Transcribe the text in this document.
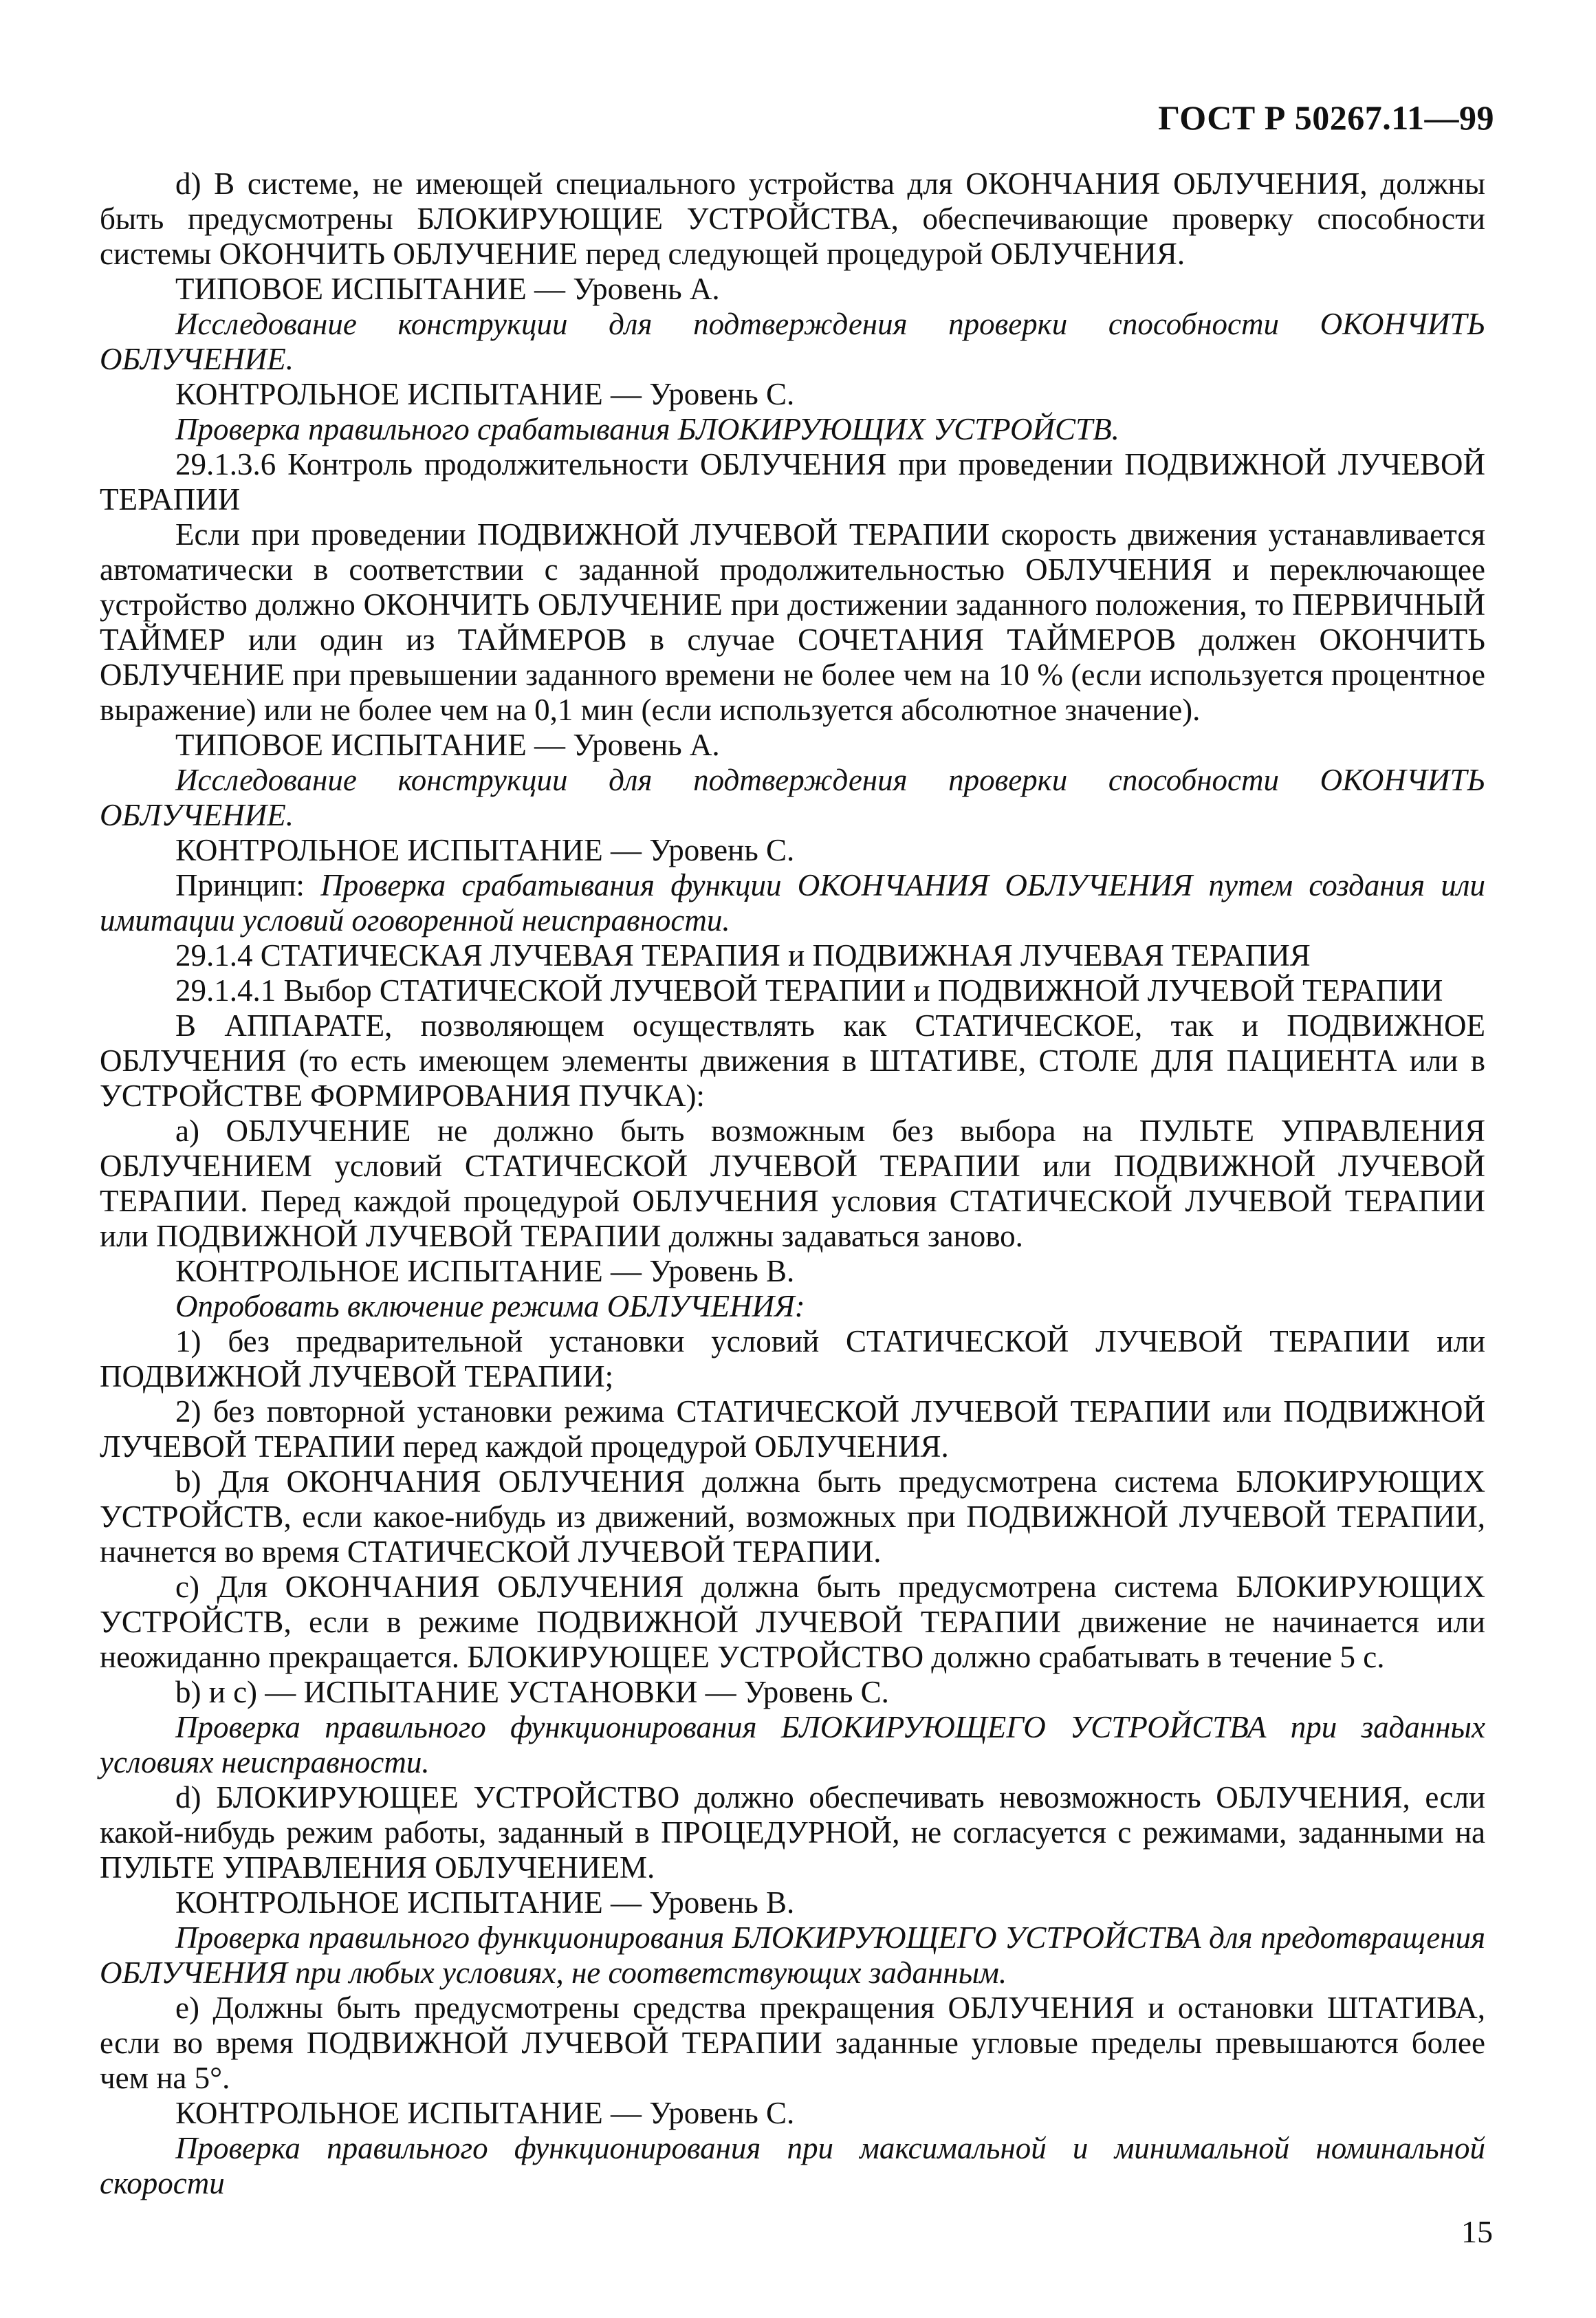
ГОСТ Р 50267.11—99

d) В системе, не имеющей специального устройства для ОКОНЧАНИЯ ОБЛУЧЕНИЯ, должны быть предусмотрены БЛОКИРУЮЩИЕ УСТРОЙСТВА, обеспечивающие проверку способности системы ОКОНЧИТЬ ОБЛУЧЕНИЕ перед следующей процедурой ОБЛУЧЕНИЯ.

ТИПОВОЕ ИСПЫТАНИЕ — Уровень А.

Исследование конструкции для подтверждения проверки способности ОКОНЧИТЬ ОБЛУЧЕНИЕ.

КОНТРОЛЬНОЕ ИСПЫТАНИЕ — Уровень С.

Проверка правильного срабатывания БЛОКИРУЮЩИХ УСТРОЙСТВ.

29.1.3.6 Контроль продолжительности ОБЛУЧЕНИЯ при проведении ПОДВИЖНОЙ ЛУЧЕВОЙ ТЕРАПИИ

Если при проведении ПОДВИЖНОЙ ЛУЧЕВОЙ ТЕРАПИИ скорость движения устанавливается автоматически в соответствии с заданной продолжительностью ОБЛУЧЕНИЯ и переключающее устройство должно ОКОНЧИТЬ ОБЛУЧЕНИЕ при достижении заданного положения, то ПЕРВИЧНЫЙ ТАЙМЕР или один из ТАЙМЕРОВ в случае СОЧЕТАНИЯ ТАЙМЕРОВ должен ОКОНЧИТЬ ОБЛУЧЕНИЕ при превышении заданного времени не более чем на 10 % (если используется процентное выражение) или не более чем на 0,1 мин (если используется абсолютное значение).

ТИПОВОЕ ИСПЫТАНИЕ — Уровень А.

Исследование конструкции для подтверждения проверки способности ОКОНЧИТЬ ОБЛУЧЕНИЕ.

КОНТРОЛЬНОЕ ИСПЫТАНИЕ — Уровень С.

Принцип: Проверка срабатывания функции ОКОНЧАНИЯ ОБЛУЧЕНИЯ путем создания или имитации условий оговоренной неисправности.

29.1.4 СТАТИЧЕСКАЯ ЛУЧЕВАЯ ТЕРАПИЯ и ПОДВИЖНАЯ ЛУЧЕВАЯ ТЕРАПИЯ

29.1.4.1 Выбор СТАТИЧЕСКОЙ ЛУЧЕВОЙ ТЕРАПИИ и ПОДВИЖНОЙ ЛУЧЕВОЙ ТЕРАПИИ

В АППАРАТЕ, позволяющем осуществлять как СТАТИЧЕСКОЕ, так и ПОДВИЖНОЕ ОБЛУЧЕНИЯ (то есть имеющем элементы движения в ШТАТИВЕ, СТОЛЕ ДЛЯ ПАЦИЕНТА или в УСТРОЙСТВЕ ФОРМИРОВАНИЯ ПУЧКА):

a) ОБЛУЧЕНИЕ не должно быть возможным без выбора на ПУЛЬТЕ УПРАВЛЕНИЯ ОБЛУЧЕНИЕМ условий СТАТИЧЕСКОЙ ЛУЧЕВОЙ ТЕРАПИИ или ПОДВИЖНОЙ ЛУЧЕВОЙ ТЕРАПИИ. Перед каждой процедурой ОБЛУЧЕНИЯ условия СТАТИЧЕСКОЙ ЛУЧЕВОЙ ТЕРАПИИ или ПОДВИЖНОЙ ЛУЧЕВОЙ ТЕРАПИИ должны задаваться заново.

КОНТРОЛЬНОЕ ИСПЫТАНИЕ — Уровень В.

Опробовать включение режима ОБЛУЧЕНИЯ:

1) без предварительной установки условий СТАТИЧЕСКОЙ ЛУЧЕВОЙ ТЕРАПИИ или ПОДВИЖНОЙ ЛУЧЕВОЙ ТЕРАПИИ;

2) без повторной установки режима СТАТИЧЕСКОЙ ЛУЧЕВОЙ ТЕРАПИИ или ПОДВИЖНОЙ ЛУЧЕВОЙ ТЕРАПИИ перед каждой процедурой ОБЛУЧЕНИЯ.

b) Для ОКОНЧАНИЯ ОБЛУЧЕНИЯ должна быть предусмотрена система БЛОКИРУЮЩИХ УСТРОЙСТВ, если какое-нибудь из движений, возможных при ПОДВИЖНОЙ ЛУЧЕВОЙ ТЕРАПИИ, начнется во время СТАТИЧЕСКОЙ ЛУЧЕВОЙ ТЕРАПИИ.

c) Для ОКОНЧАНИЯ ОБЛУЧЕНИЯ должна быть предусмотрена система БЛОКИРУЮЩИХ УСТРОЙСТВ, если в режиме ПОДВИЖНОЙ ЛУЧЕВОЙ ТЕРАПИИ движение не начинается или неожиданно прекращается. БЛОКИРУЮЩЕЕ УСТРОЙСТВО должно срабатывать в течение 5 с.

b) и c) — ИСПЫТАНИЕ УСТАНОВКИ — Уровень С.

Проверка правильного функционирования БЛОКИРУЮЩЕГО УСТРОЙСТВА при заданных условиях неисправности.

d) БЛОКИРУЮЩЕЕ УСТРОЙСТВО должно обеспечивать невозможность ОБЛУЧЕНИЯ, если какой-нибудь режим работы, заданный в ПРОЦЕДУРНОЙ, не согласуется с режимами, заданными на ПУЛЬТЕ УПРАВЛЕНИЯ ОБЛУЧЕНИЕМ.

КОНТРОЛЬНОЕ ИСПЫТАНИЕ — Уровень В.

Проверка правильного функционирования БЛОКИРУЮЩЕГО УСТРОЙСТВА для предотвращения ОБЛУЧЕНИЯ при любых условиях, не соответствующих заданным.

e) Должны быть предусмотрены средства прекращения ОБЛУЧЕНИЯ и остановки ШТАТИВА, если во время ПОДВИЖНОЙ ЛУЧЕВОЙ ТЕРАПИИ заданные угловые пределы превышаются более чем на 5°.

КОНТРОЛЬНОЕ ИСПЫТАНИЕ — Уровень С.

Проверка правильного функционирования при максимальной и минимальной номинальной скорости

15
